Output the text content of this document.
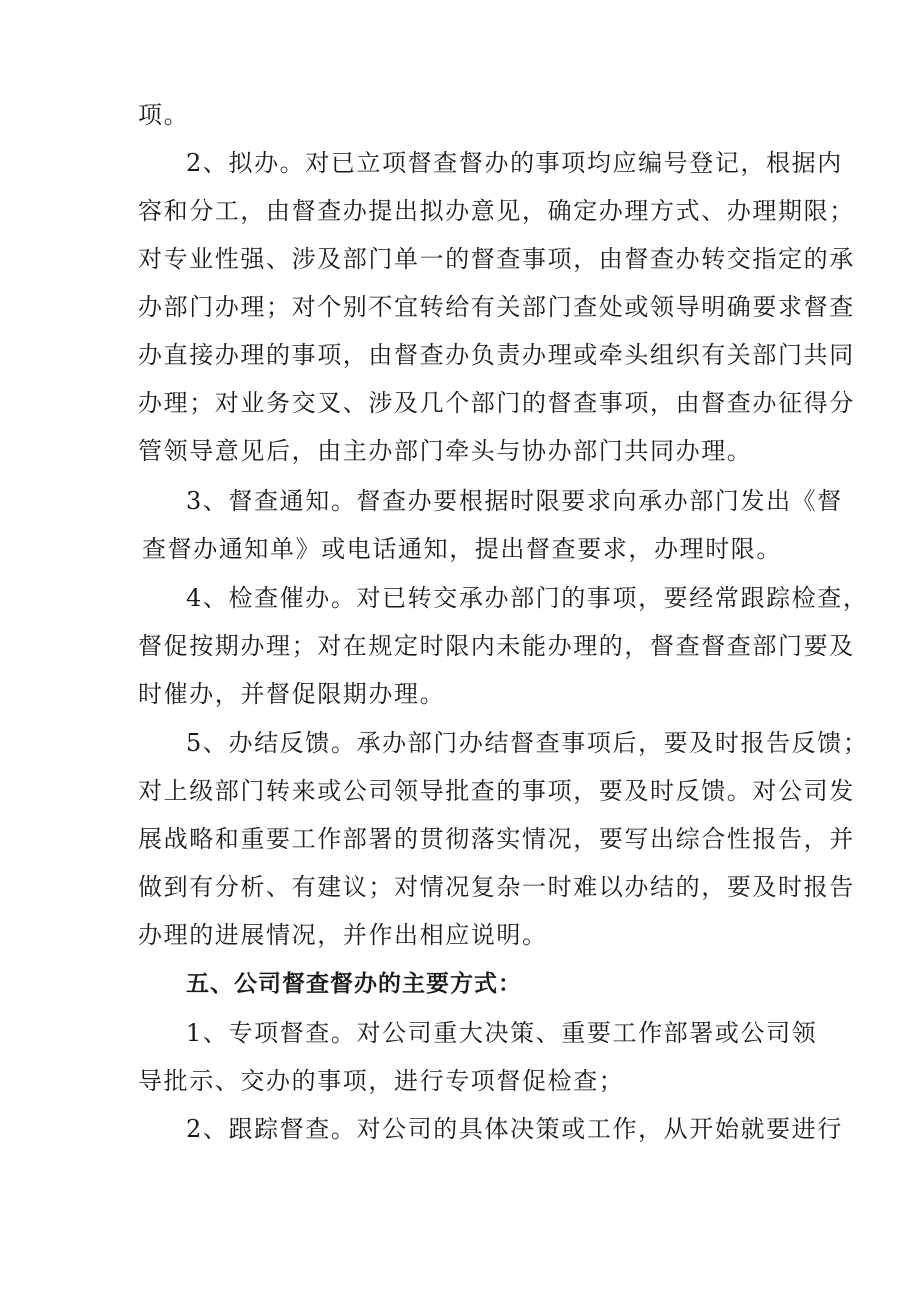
项。
2、拟办。对已立项督查督办的事项均应编号登记，根据内
容和分工，由督查办提出拟办意见，确定办理方式、办理期限；
对专业性强、涉及部门单一的督查事项，由督查办转交指定的承
办部门办理；对个别不宜转给有关部门查处或领导明确要求督查
办直接办理的事项，由督查办负责办理或牵头组织有关部门共同
办理；对业务交叉、涉及几个部门的督查事项，由督查办征得分
管领导意见后，由主办部门牵头与协办部门共同办理。
3、督查通知。督查办要根据时限要求向承办部门发出《督
查督办通知单》或电话通知，提出督查要求，办理时限。
4、检查催办。对已转交承办部门的事项，要经常跟踪检查，
督促按期办理；对在规定时限内未能办理的，督查督查部门要及
时催办，并督促限期办理。
5、办结反馈。承办部门办结督查事项后，要及时报告反馈；
对上级部门转来或公司领导批查的事项，要及时反馈。对公司发
展战略和重要工作部署的贯彻落实情况，要写出综合性报告，并
做到有分析、有建议；对情况复杂一时难以办结的，要及时报告
办理的进展情况，并作出相应说明。
五、公司督查督办的主要方式：
1、专项督查。对公司重大决策、重要工作部署或公司领
导批示、交办的事项，进行专项督促检查；
2、跟踪督查。对公司的具体决策或工作，从开始就要进行
